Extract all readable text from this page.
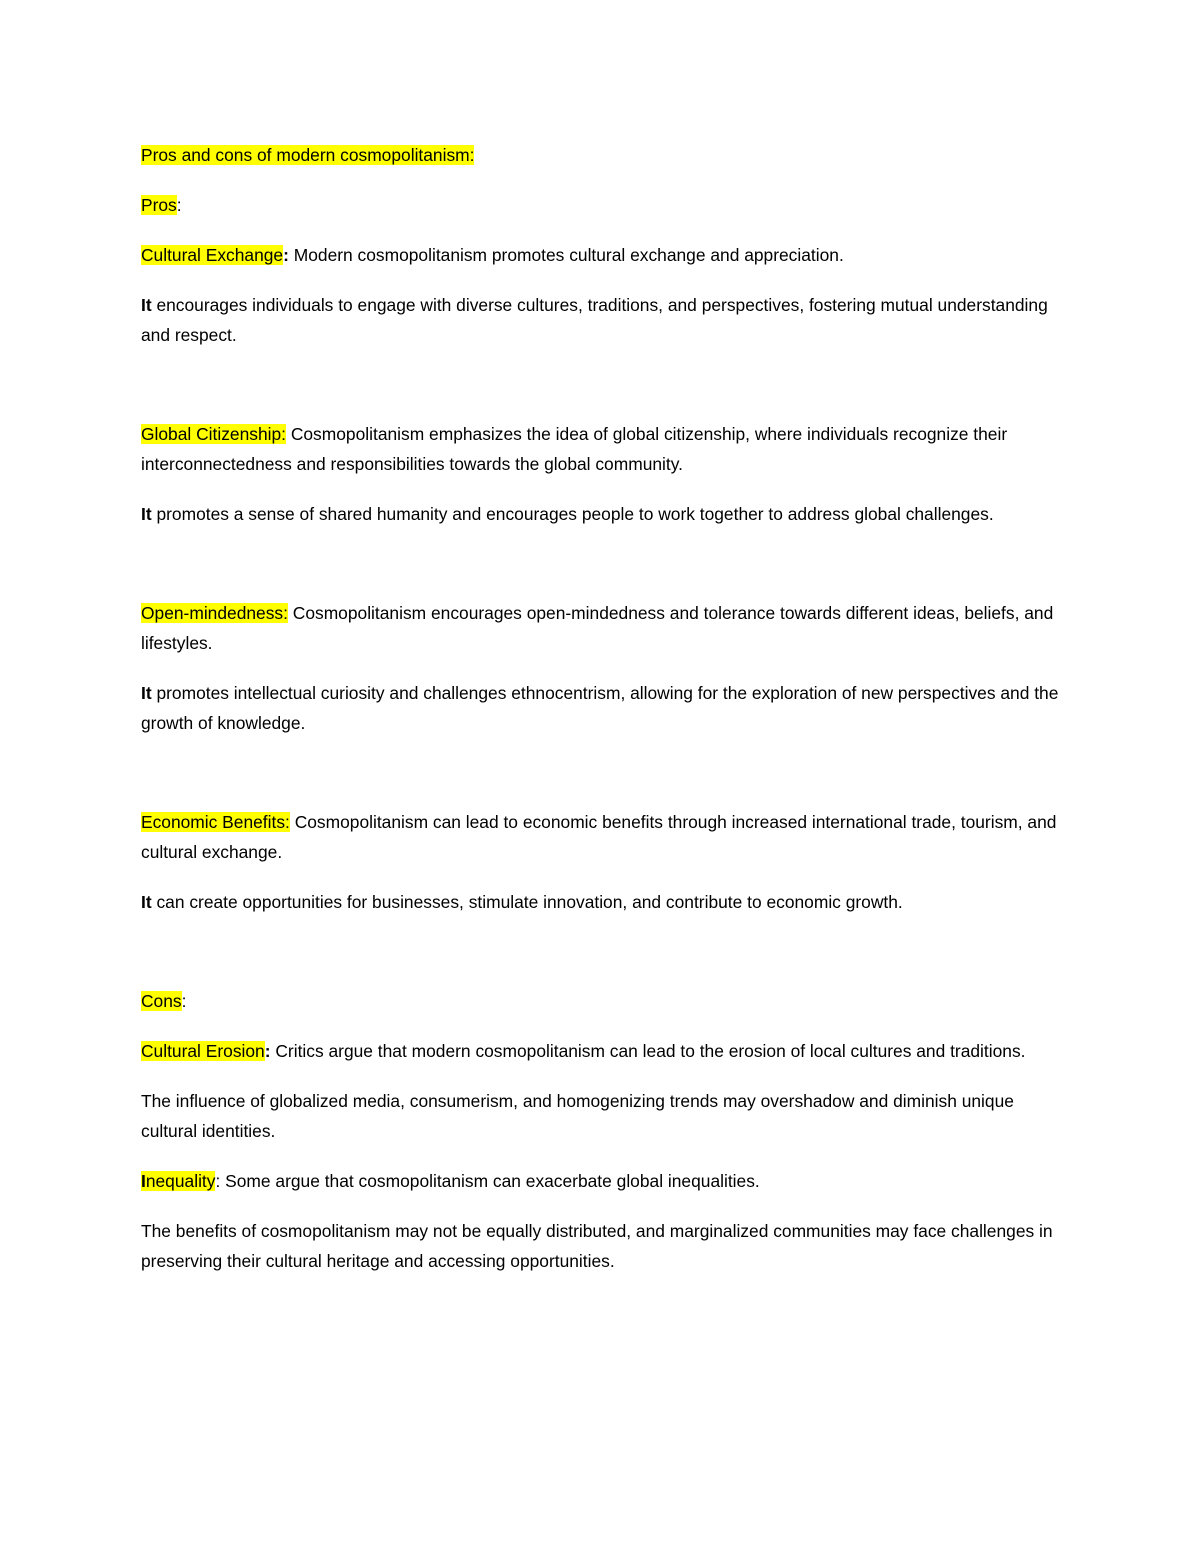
Pros and cons of modern cosmopolitanism:

Pros:

Cultural Exchange: Modern cosmopolitanism promotes cultural exchange and appreciation.

It encourages individuals to engage with diverse cultures, traditions, and perspectives, fostering mutual understanding and respect.

Global Citizenship: Cosmopolitanism emphasizes the idea of global citizenship, where individuals recognize their interconnectedness and responsibilities towards the global community.

It promotes a sense of shared humanity and encourages people to work together to address global challenges.

Open-mindedness: Cosmopolitanism encourages open-mindedness and tolerance towards different ideas, beliefs, and lifestyles.

It promotes intellectual curiosity and challenges ethnocentrism, allowing for the exploration of new perspectives and the growth of knowledge.

Economic Benefits: Cosmopolitanism can lead to economic benefits through increased international trade, tourism, and cultural exchange.

It can create opportunities for businesses, stimulate innovation, and contribute to economic growth.

Cons:

Cultural Erosion: Critics argue that modern cosmopolitanism can lead to the erosion of local cultures and traditions.

The influence of globalized media, consumerism, and homogenizing trends may overshadow and diminish unique cultural identities.

Inequality: Some argue that cosmopolitanism can exacerbate global inequalities.

The benefits of cosmopolitanism may not be equally distributed, and marginalized communities may face challenges in preserving their cultural heritage and accessing opportunities.
